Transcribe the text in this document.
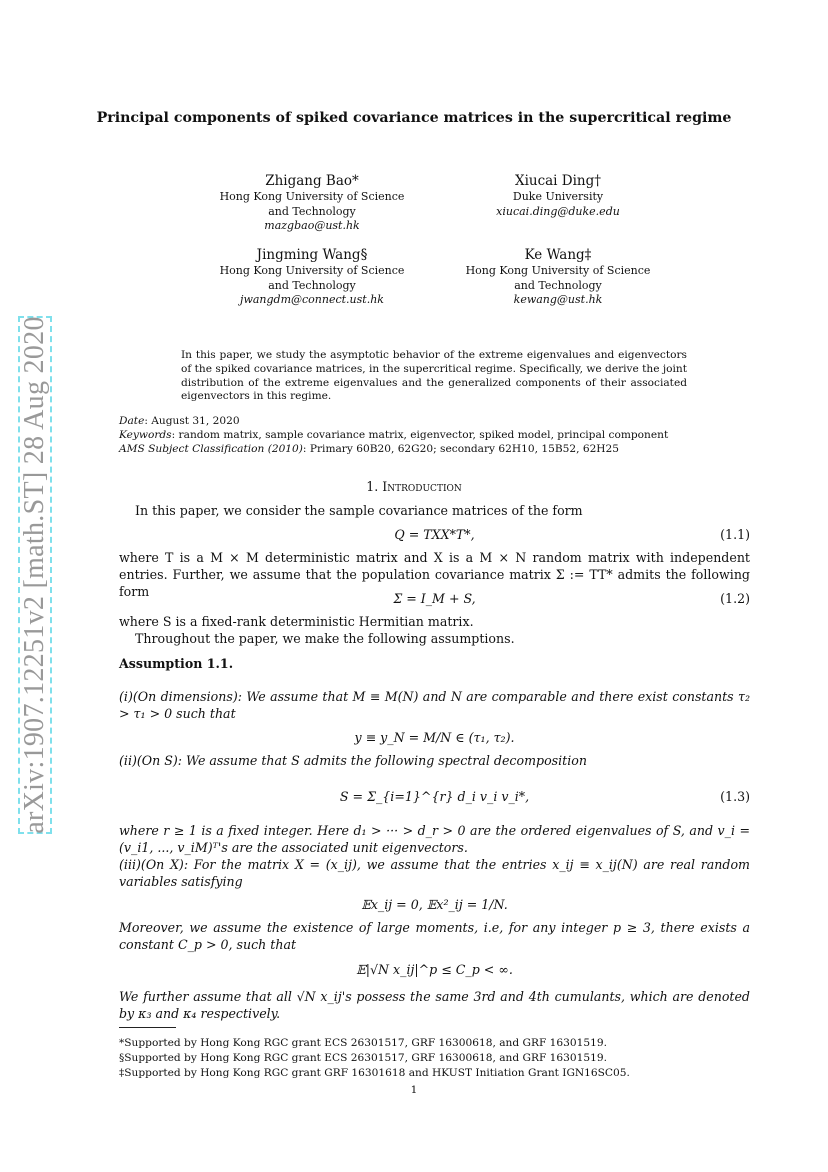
arXiv:1907.12251v2 [math.ST] 28 Aug 2020
Principal components of spiked covariance matrices in the supercritical regime
Zhigang Bao*
Hong Kong University of Science
and Technology
mazgbao@ust.hk
Xiucai Ding†
Duke University
xiucai.ding@duke.edu
Jingming Wang§
Hong Kong University of Science
and Technology
jwangdm@connect.ust.hk
Ke Wang‡
Hong Kong University of Science
and Technology
kewang@ust.hk
In this paper, we study the asymptotic behavior of the extreme eigenvalues and eigenvectors of the spiked covariance matrices, in the supercritical regime. Specifically, we derive the joint distribution of the extreme eigenvalues and the generalized components of their associated eigenvectors in this regime.
Date: August 31, 2020
Keywords: random matrix, sample covariance matrix, eigenvector, spiked model, principal component
AMS Subject Classification (2010): Primary 60B20, 62G20; secondary 62H10, 15B52, 62H25
1. Introduction
In this paper, we consider the sample covariance matrices of the form
Q = TXX*T*,	(1.1)
where T is a M × M deterministic matrix and X is a M × N random matrix with independent entries. Further, we assume that the population covariance matrix Σ := TT* admits the following form	Σ = I_M + S,	(1.2)
where S is a fixed-rank deterministic Hermitian matrix.
Throughout the paper, we make the following assumptions.
Assumption 1.1.
(i)(On dimensions): We assume that M ≡ M(N) and N are comparable and there exist constants τ₂ > τ₁ > 0 such that
y ≡ y_N = M/N ∈ (τ₁, τ₂).
(ii)(On S): We assume that S admits the following spectral decomposition
S = Σ_{i=1}^{r} d_i v_i v_i*,	(1.3)
where r ≥ 1 is a fixed integer. Here d₁ > ··· > d_r > 0 are the ordered eigenvalues of S, and v_i = (v_i1, ..., v_iM)ᵀ's are the associated unit eigenvectors.
(iii)(On X): For the matrix X = (x_ij), we assume that the entries x_ij ≡ x_ij(N) are real random variables satisfying
𝔼x_ij = 0, 𝔼x²_ij = 1/N.
Moreover, we assume the existence of large moments, i.e, for any integer p ≥ 3, there exists a constant C_p > 0, such that
𝔼|√N x_ij|^p ≤ C_p < ∞.
We further assume that all √N x_ij's possess the same 3rd and 4th cumulants, which are denoted by κ₃ and κ₄ respectively.
*Supported by Hong Kong RGC grant ECS 26301517, GRF 16300618, and GRF 16301519.
§Supported by Hong Kong RGC grant ECS 26301517, GRF 16300618, and GRF 16301519.
‡Supported by Hong Kong RGC grant GRF 16301618 and HKUST Initiation Grant IGN16SC05.
1
